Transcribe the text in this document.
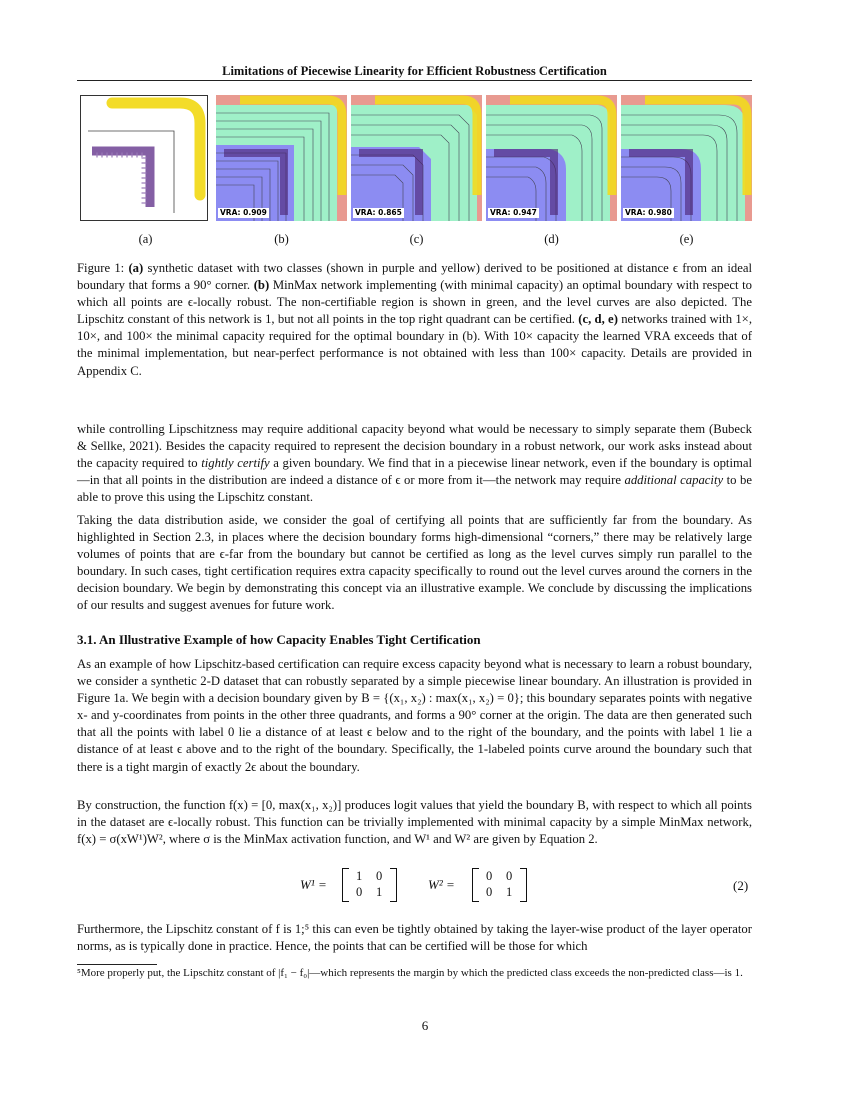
Limitations of Piecewise Linearity for Efficient Robustness Certification
VRA: 0.909	VRA: 0.865	VRA: 0.947	VRA: 0.980
(a)	(b)	(c)	(d)	(e)
Figure 1: (a) synthetic dataset with two classes (shown in purple and yellow) derived to be positioned at distance ϵ from an ideal boundary that forms a 90° corner. (b) MinMax network implementing (with minimal capacity) an optimal boundary with respect to which all points are ϵ-locally robust. The non-certifiable region is shown in green, and the level curves are also depicted. The Lipschitz constant of this network is 1, but not all points in the top right quadrant can be certified. (c, d, e) networks trained with 1×, 10×, and 100× the minimal capacity required for the optimal boundary in (b). With 10× capacity the learned VRA exceeds that of the minimal implementation, but near-perfect performance is not obtained with less than 100× capacity. Details are provided in Appendix C.
while controlling Lipschitzness may require additional capacity beyond what would be necessary to simply separate them (Bubeck & Sellke, 2021). Besides the capacity required to represent the decision boundary in a robust network, our work asks instead about the capacity required to tightly certify a given boundary. We find that in a piecewise linear network, even if the boundary is optimal—in that all points in the distribution are indeed a distance of ϵ or more from it—the network may require additional capacity to be able to prove this using the Lipschitz constant.
Taking the data distribution aside, we consider the goal of certifying all points that are sufficiently far from the boundary. As highlighted in Section 2.3, in places where the decision boundary forms high-dimensional “corners,” there may be relatively large volumes of points that are ϵ-far from the boundary but cannot be certified as long as the level curves simply run parallel to the boundary. In such cases, tight certification requires extra capacity specifically to round out the level curves around the corners in the decision boundary. We begin by demonstrating this concept via an illustrative example. We conclude by discussing the implications of our results and suggest avenues for future work.
3.1. An Illustrative Example of how Capacity Enables Tight Certification
As an example of how Lipschitz-based certification can require excess capacity beyond what is necessary to learn a robust boundary, we consider a synthetic 2-D dataset that can robustly separated by a simple piecewise linear boundary. An illustration is provided in Figure 1a. We begin with a decision boundary given by B = {(x₁, x₂) : max(x₁, x₂) = 0}; this boundary separates points with negative x- and y-coordinates from points in the other three quadrants, and forms a 90° corner at the origin. The data are then generated such that all the points with label 0 lie a distance of at least ϵ below and to the right of the boundary, and the points with label 1 lie a distance of at least ϵ above and to the right of the boundary. Specifically, the 1-labeled points curve around the boundary such that there is a tight margin of exactly 2ϵ about the boundary.
By construction, the function f(x) = [0, max(x₁, x₂)] produces logit values that yield the boundary B, with respect to which all points in the dataset are ϵ-locally robust. This function can be trivially implemented with minimal capacity by a simple MinMax network, f(x) = σ(xW¹)W², where σ is the MinMax activation function, and W¹ and W² are given by Equation 2.
W¹ =
1 0
0 1	W² =
0 0
0 1	(2)
Furthermore, the Lipschitz constant of f is 1;⁵ this can even be tightly obtained by taking the layer-wise product of the layer operator norms, as is typically done in practice. Hence, the points that can be certified will be those for which
⁵More properly put, the Lipschitz constant of |f₁ − f₀|—which represents the margin by which the predicted class exceeds the non-predicted class—is 1.
6
